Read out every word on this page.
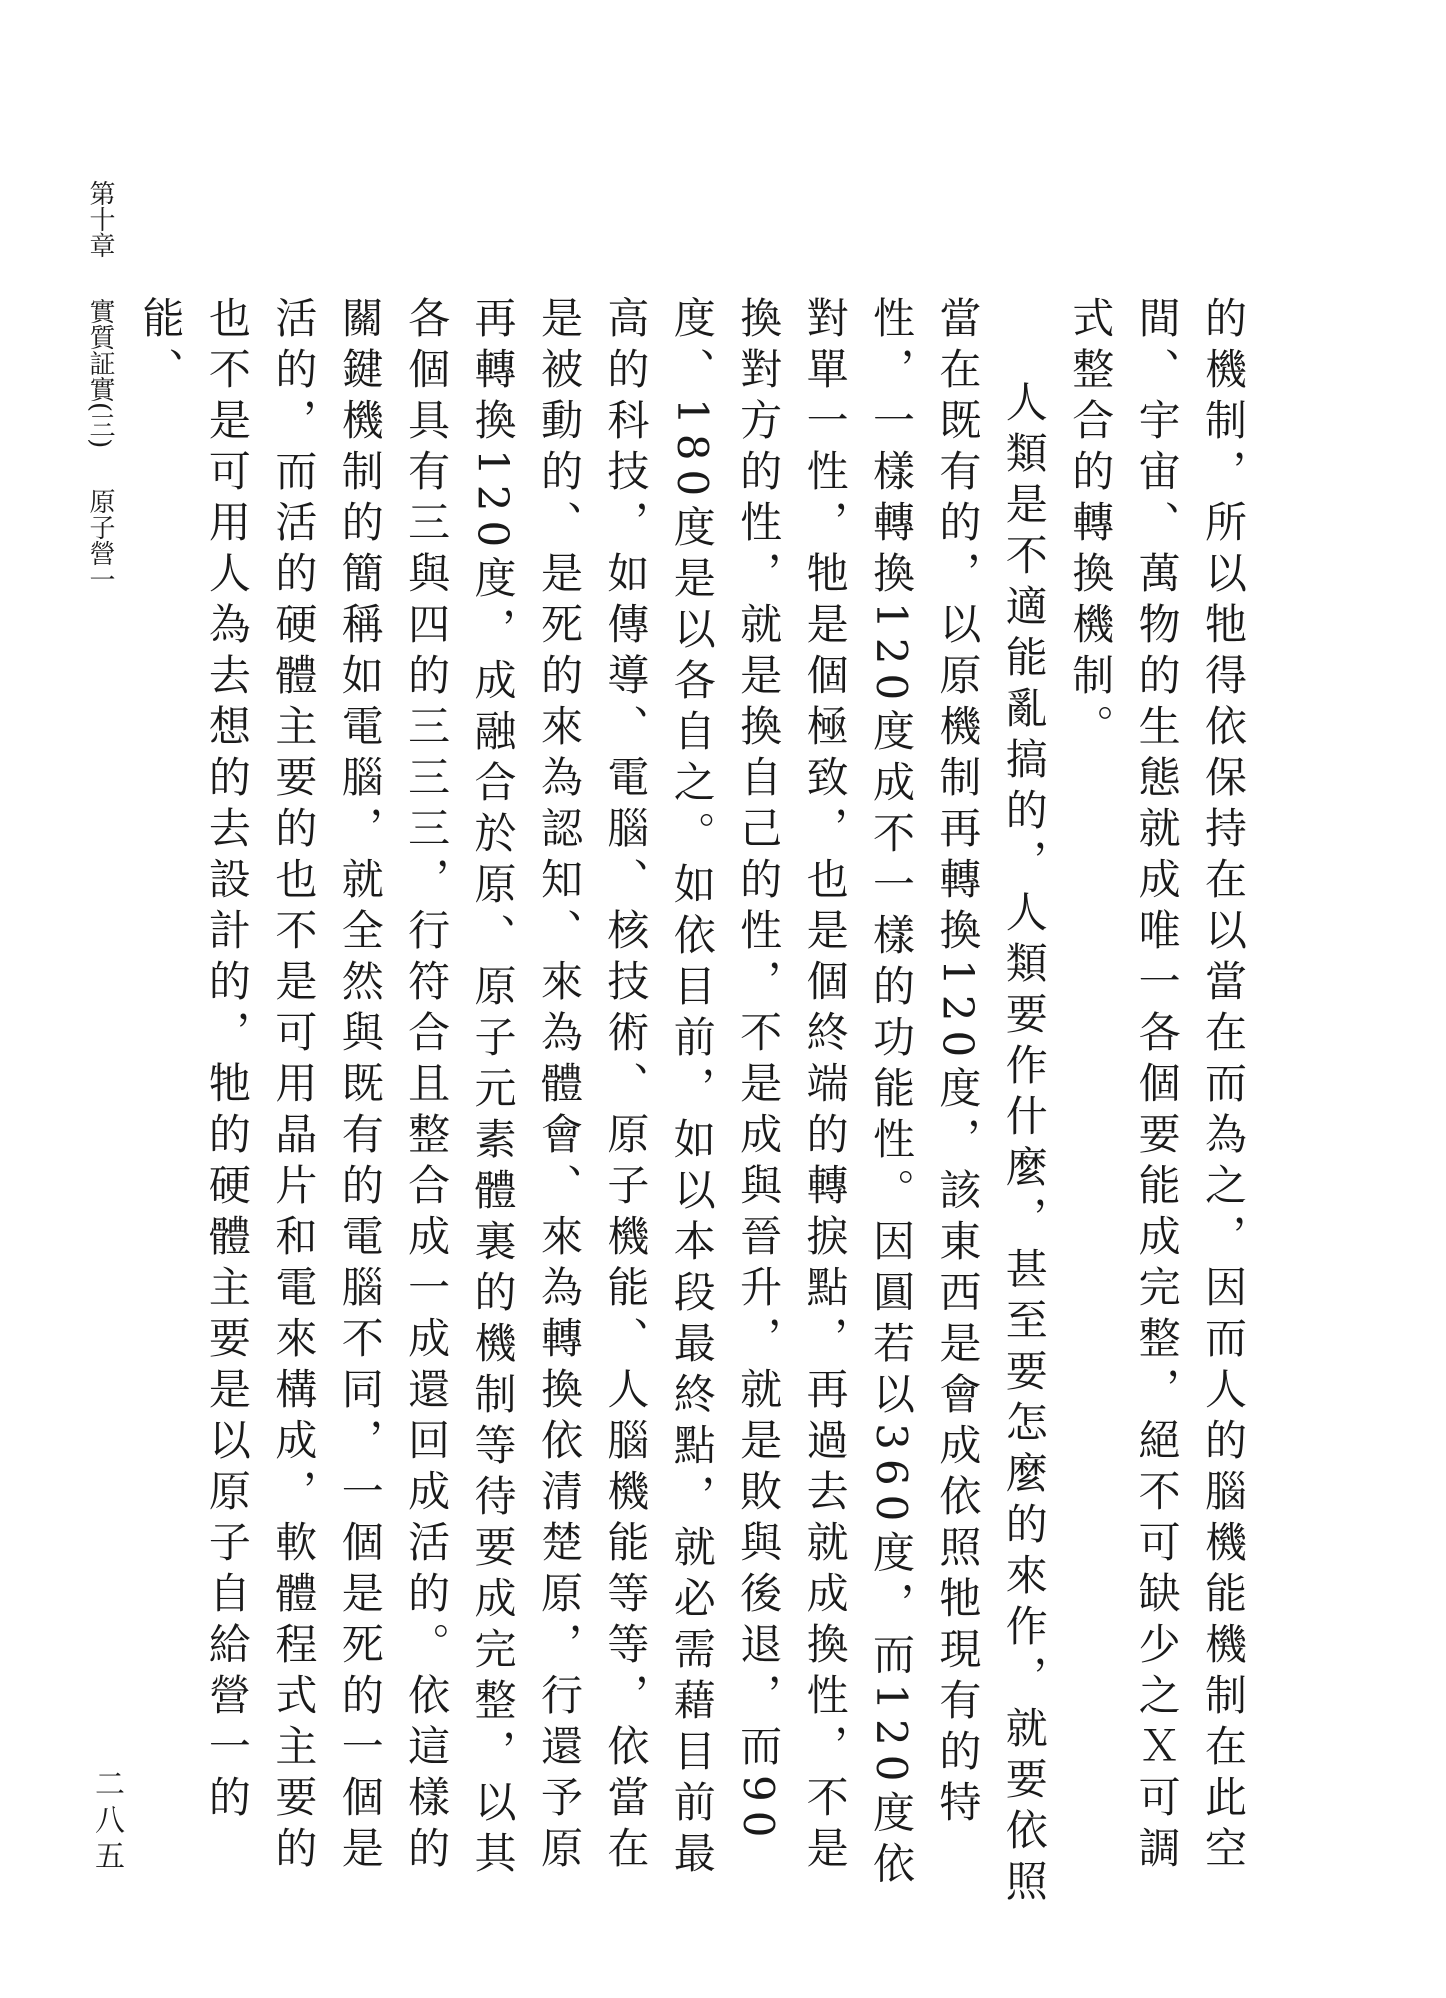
第十章　實質証實(三)　原子營一	的機制，所以牠得依保持在以當在而為之，因而人的腦機能機制在此空間、宇宙、萬物的生態就成唯一各個要能成完整，絕不可缺少之Ｘ可調式整合的轉換機制。

人類是不適能亂搞的，人類要作什麼，甚至要怎麼的來作，就要依照當在既有的，以原機制再轉換120度，該東西是會成依照牠現有的特性，一樣轉換120度成不一樣的功能性。因圓若以360度，而120度依對單一性，牠是個極致，也是個終端的轉捩點，再過去就成換性，不是換對方的性，就是換自己的性，不是成與晉升，就是敗與後退，而90度、180度是以各自之。如依目前，如以本段最終點，就必需藉目前最高的科技，如傳導、電腦、核技術、原子機能、人腦機能等等，依當在是被動的、是死的來為認知、來為體會、來為轉換依清楚原，行還予原再轉換120度，成融合於原、原子元素體裏的機制等待要成完整，以其各個具有三與四的三三三，行符合且整合成一成還回成活的。依這樣的關鍵機制的簡稱如電腦，就全然與既有的電腦不同，一個是死的一個是活的，而活的硬體主要的也不是可用晶片和電來構成，軟體程式主要的也不是可用人為去想的去設計的，牠的硬體主要是以原子自給營一的能、

二八五
